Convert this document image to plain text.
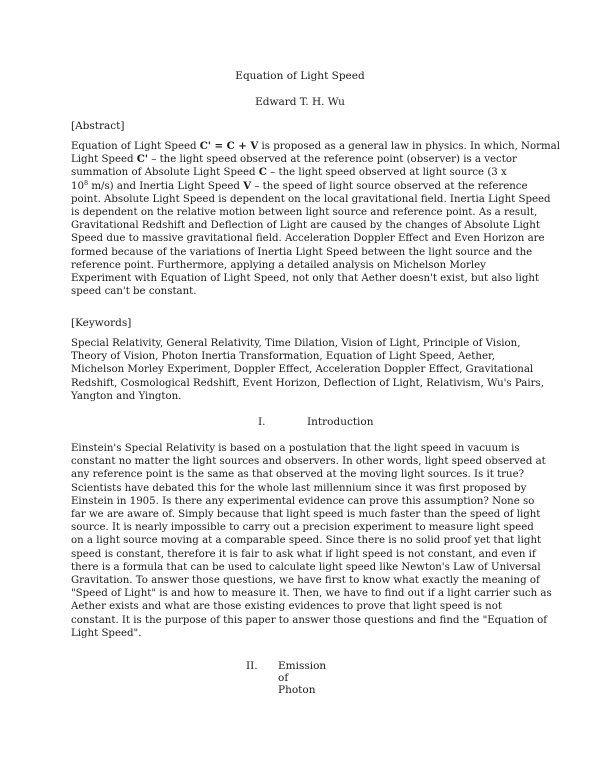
Equation of Light Speed
Edward T. H. Wu
[Abstract]
Equation of Light Speed C' = C + V is proposed as a general law in physics. In which, Normal
Light Speed C' – the light speed observed at the reference point (observer) is a vector
summation of Absolute Light Speed C – the light speed observed at light source (3 x
$10^8$ m/s) and Inertia Light Speed V – the speed of light source observed at the reference
point. Absolute Light Speed is dependent on the local gravitational field. Inertia Light Speed
is dependent on the relative motion between light source and reference point. As a result,
Gravitational Redshift and Deflection of Light are caused by the changes of Absolute Light
Speed due to massive gravitational field. Acceleration Doppler Effect and Even Horizon are
formed because of the variations of Inertia Light Speed between the light source and the
reference point. Furthermore, applying a detailed analysis on Michelson Morley
Experiment with Equation of Light Speed, not only that Aether doesn't exist, but also light
speed can't be constant.
[Keywords]
Special Relativity, General Relativity, Time Dilation, Vision of Light, Principle of Vision,
Theory of Vision, Photon Inertia Transformation, Equation of Light Speed, Aether,
Michelson Morley Experiment, Doppler Effect, Acceleration Doppler Effect, Gravitational
Redshift, Cosmological Redshift, Event Horizon, Deflection of Light, Relativism, Wu's Pairs,
Yangton and Yington.
I.	Introduction
Einstein's Special Relativity is based on a postulation that the light speed in vacuum is
constant no matter the light sources and observers. In other words, light speed observed at
any reference point is the same as that observed at the moving light sources. Is it true?
Scientists have debated this for the whole last millennium since it was first proposed by
Einstein in 1905. Is there any experimental evidence can prove this assumption? None so
far we are aware of. Simply because that light speed is much faster than the speed of light
source. It is nearly impossible to carry out a precision experiment to measure light speed
on a light source moving at a comparable speed. Since there is no solid proof yet that light
speed is constant, therefore it is fair to ask what if light speed is not constant, and even if
there is a formula that can be used to calculate light speed like Newton's Law of Universal
Gravitation. To answer those questions, we have first to know what exactly the meaning of
"Speed of Light" is and how to measure it. Then, we have to find out if a light carrier such as
Aether exists and what are those existing evidences to prove that light speed is not
constant. It is the purpose of this paper to answer those questions and find the "Equation of
Light Speed".
II. Emission of Photon
